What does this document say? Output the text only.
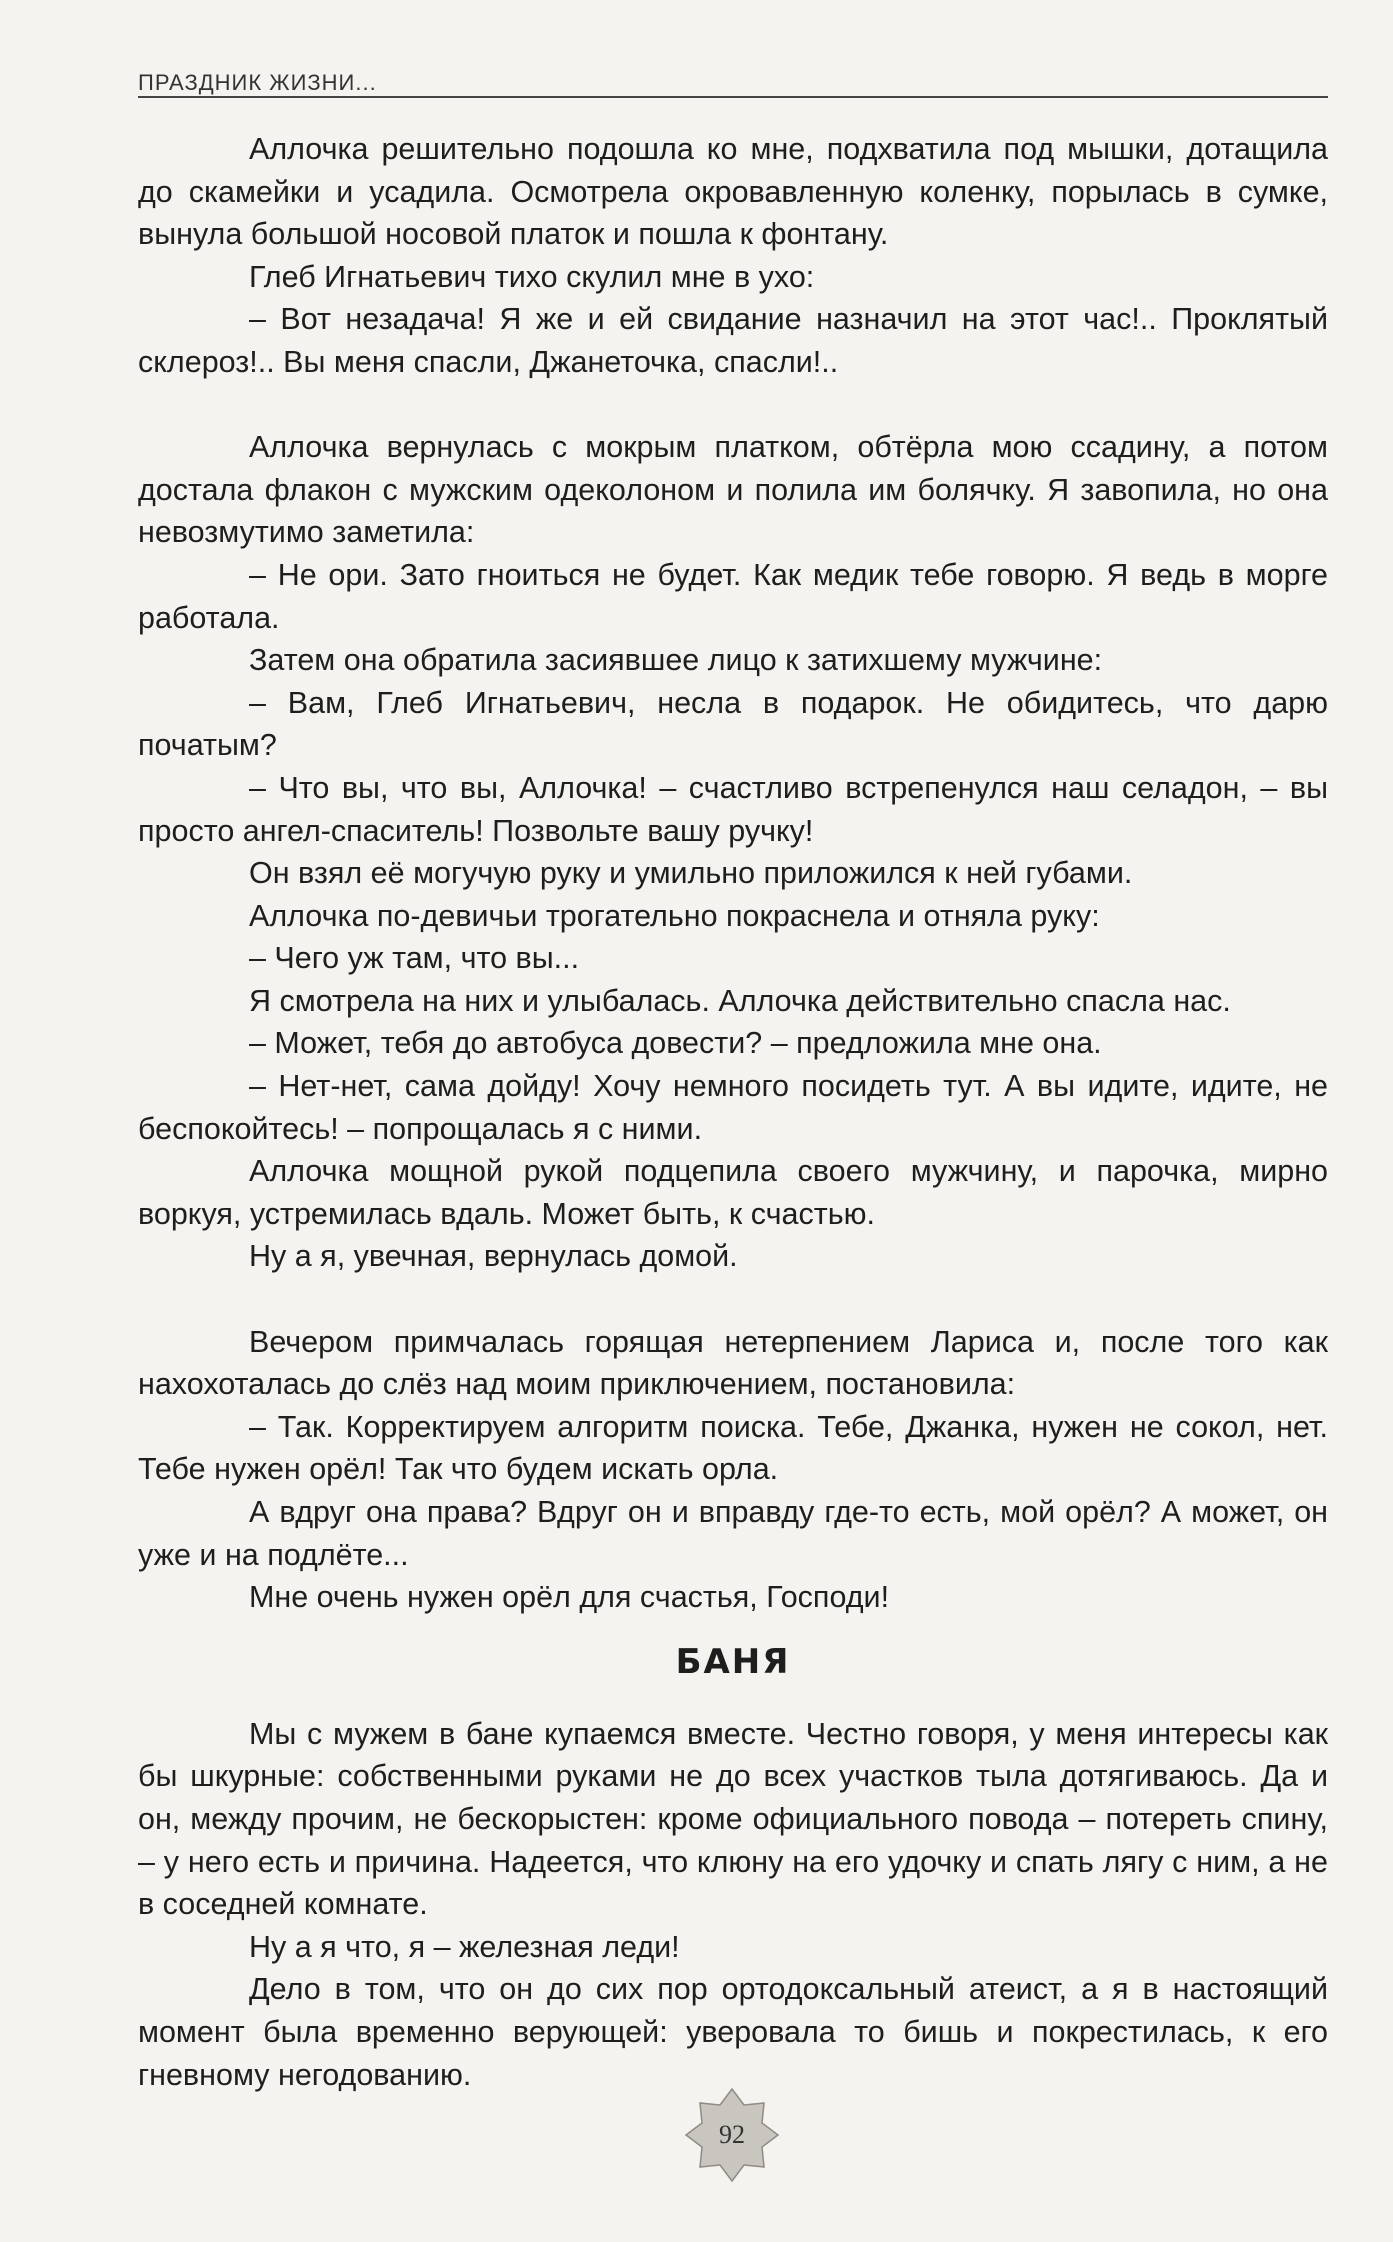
ПРАЗДНИК ЖИЗНИ...

Аллочка решительно подошла ко мне, подхватила под мышки, дотащила до скамейки и усадила. Осмотрела окровавленную коленку, порылась в сумке, вынула большой носовой платок и пошла к фонтану.

Глеб Игнатьевич тихо скулил мне в ухо:

– Вот незадача! Я же и ей свидание назначил на этот час!.. Проклятый склероз!.. Вы меня спасли, Джанеточка, спасли!..

Аллочка вернулась с мокрым платком, обтёрла мою ссадину, а потом достала флакон с мужским одеколоном и полила им болячку. Я завопила, но она невозмутимо заметила:

– Не ори. Зато гноиться не будет. Как медик тебе говорю. Я ведь в морге работала.

Затем она обратила засиявшее лицо к затихшему мужчине:

– Вам, Глеб Игнатьевич, несла в подарок. Не обидитесь, что дарю початым?

– Что вы, что вы, Аллочка! – счастливо встрепенулся наш селадон, – вы просто ангел-спаситель! Позвольте вашу ручку!

Он взял её могучую руку и умильно приложился к ней губами.

Аллочка по-девичьи трогательно покраснела и отняла руку:

– Чего уж там, что вы...

Я смотрела на них и улыбалась. Аллочка действительно спасла нас.

– Может, тебя до автобуса довести? – предложила мне она.

– Нет-нет, сама дойду! Хочу немного посидеть тут. А вы идите, идите, не беспокойтесь! – попрощалась я с ними.

Аллочка мощной рукой подцепила своего мужчину, и парочка, мирно воркуя, устремилась вдаль. Может быть, к счастью.

Ну а я, увечная, вернулась домой.

Вечером примчалась горящая нетерпением Лариса и, после того как нахохоталась до слёз над моим приключением, постановила:

– Так. Корректируем алгоритм поиска. Тебе, Джанка, нужен не сокол, нет. Тебе нужен орёл! Так что будем искать орла.

А вдруг она права? Вдруг он и вправду где-то есть, мой орёл? А может, он уже и на подлёте...

Мне очень нужен орёл для счастья, Господи!

БАНЯ

Мы с мужем в бане купаемся вместе. Честно говоря, у меня интересы как бы шкурные: собственными руками не до всех участков тыла дотягиваюсь. Да и он, между прочим, не бескорыстен: кроме официального повода – потереть спину, – у него есть и причина. Надеется, что клюну на его удочку и спать лягу с ним, а не в соседней комнате.

Ну а я что, я – железная леди!

Дело в том, что он до сих пор ортодоксальный атеист, а я в настоящий момент была временно верующей: уверовала то бишь и покрестилась, к его гневному негодованию.

92
